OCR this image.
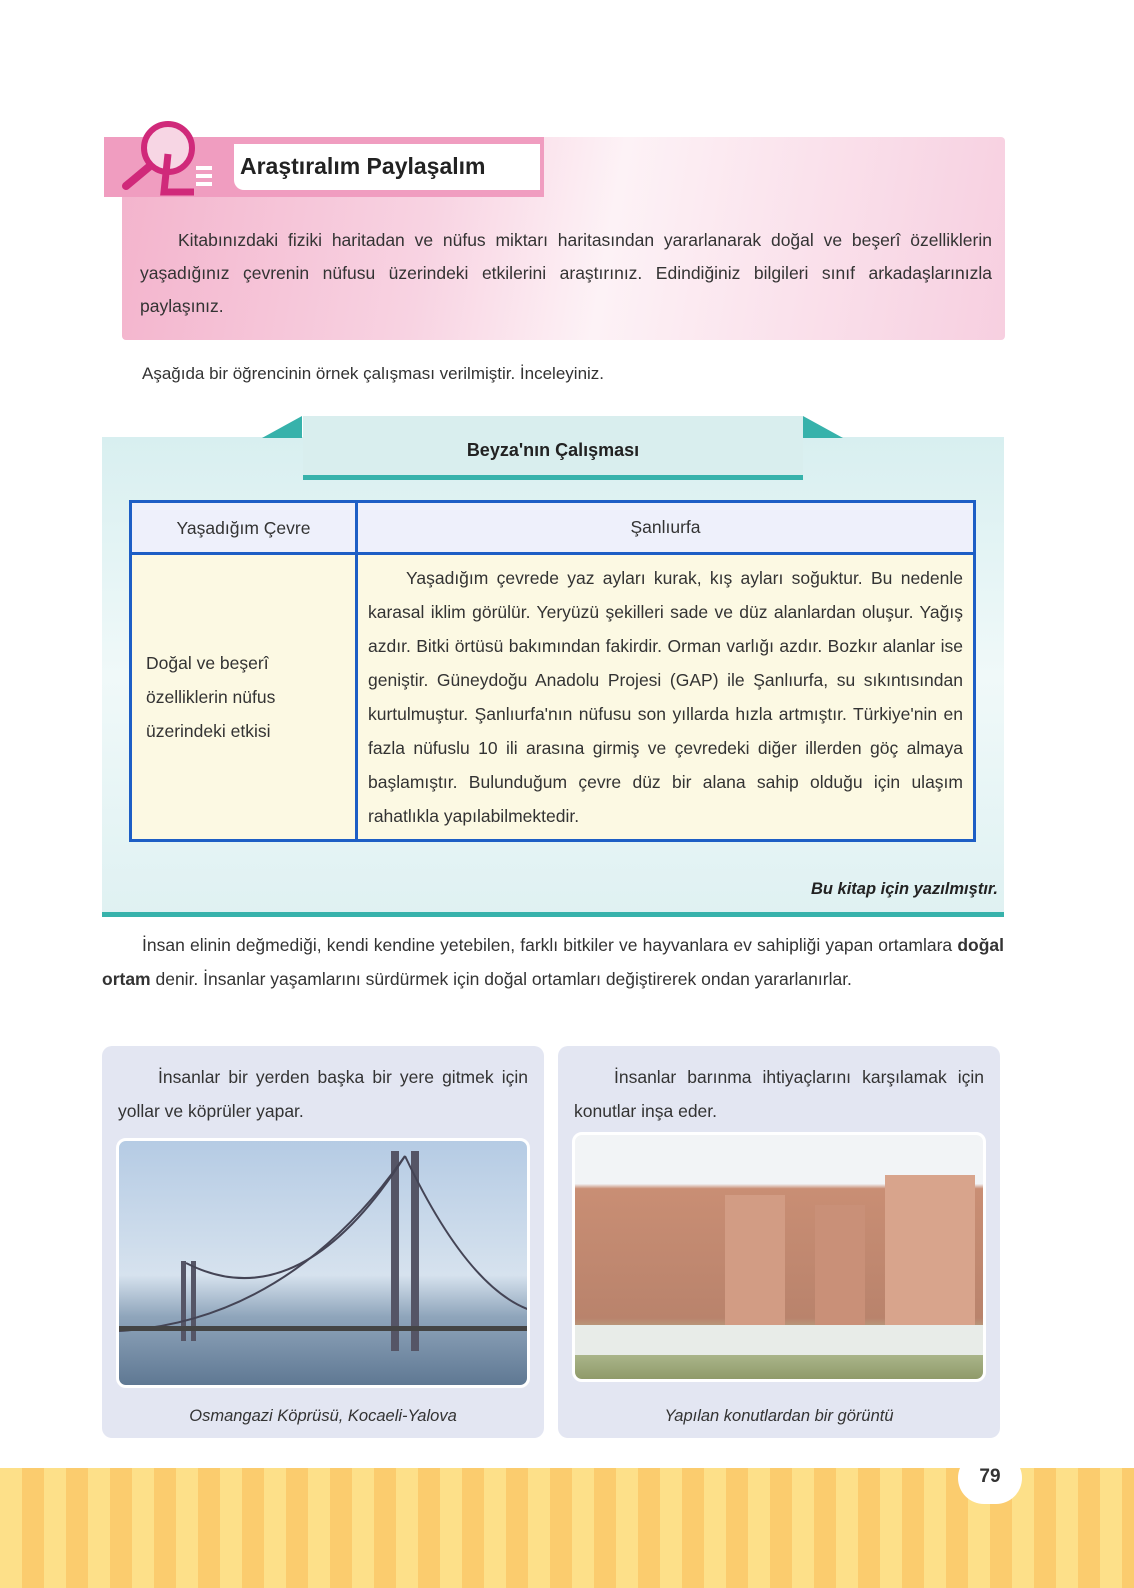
Araştıralım Paylaşalım
Kitabınızdaki fiziki haritadan ve nüfus miktarı haritasından yararlanarak doğal ve beşerî özelliklerin yaşadığınız çevrenin nüfusu üzerindeki etkilerini araştırınız. Edindiğiniz bilgileri sınıf arkadaşlarınızla paylaşınız.
Aşağıda bir öğrencinin örnek çalışması verilmiştir. İnceleyiniz.
Beyza'nın Çalışması
Yaşadığım Çevre	Şanlıurfa
Doğal ve beşerî özelliklerin nüfus üzerindeki etkisi	Yaşadığım çevrede yaz ayları kurak, kış ayları soğuktur. Bu nedenle karasal iklim görülür. Yeryüzü şekilleri sade ve düz alanlardan oluşur. Yağış azdır. Bitki örtüsü bakımından fakirdir. Orman varlığı azdır. Bozkır alanlar ise geniştir. Güneydoğu Anadolu Projesi (GAP) ile Şanlıurfa, su sıkıntısından kurtulmuştur. Şanlıurfa'nın nüfusu son yıllarda hızla artmıştır. Türkiye'nin en fazla nüfuslu 10 ili arasına girmiş ve çevredeki diğer illerden göç almaya başlamıştır. Bulunduğum çevre düz bir alana sahip olduğu için ulaşım rahatlıkla yapılabilmektedir.
Bu kitap için yazılmıştır.
İnsan elinin değmediği, kendi kendine yetebilen, farklı bitkiler ve hayvanlara ev sahipliği yapan ortamlara doğal ortam denir. İnsanlar yaşamlarını sürdürmek için doğal ortamları değiştirerek ondan yararlanırlar.
İnsanlar bir yerden başka bir yere gitmek için yollar ve köprüler yapar.
Osmangazi Köprüsü, Kocaeli-Yalova
İnsanlar barınma ihtiyaçlarını karşılamak için konutlar inşa eder.
Yapılan konutlardan bir görüntü
79
